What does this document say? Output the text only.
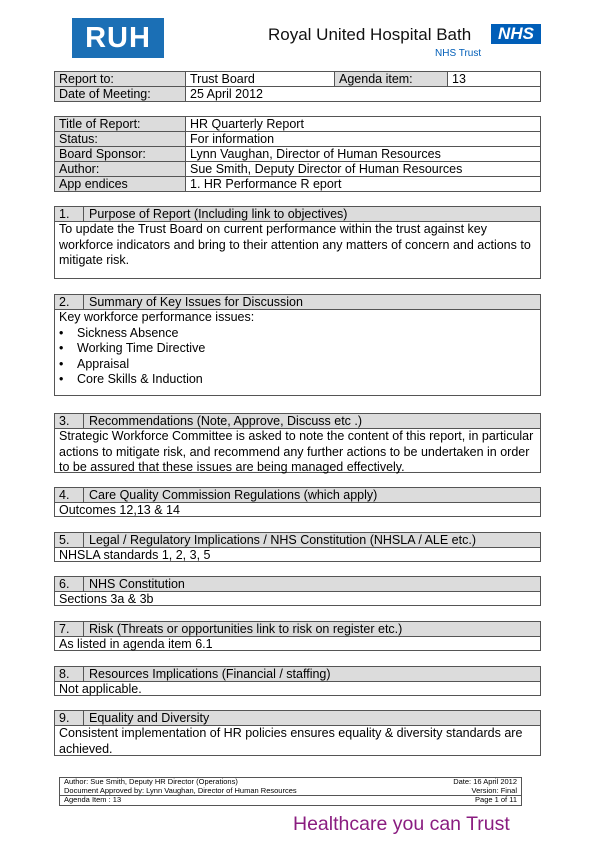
RUH	Royal United Hospital Bath	NHS
NHS Trust
Report to:	Trust Board	Agenda item:	13
Date of Meeting:	25 April 2012		
Title of Report:	HR Quarterly Report
Status:	For information
Board Sponsor:	Lynn Vaughan, Director of Human Resources
Author:	Sue Smith, Deputy Director of Human Resources
App endices	1. HR Performance R eport
1.	Purpose of Report (Including link to objectives)
To update the Trust Board on current performance within the trust against key workforce indicators and bring to their attention any matters of concern and actions to mitigate risk.
2.	Summary of Key Issues for Discussion
Key workforce performance issues:
• Sickness Absence
• Working Time Directive
• Appraisal
• Core Skills & Induction
3.	Recommendations (Note, Approve, Discuss etc .)
Strategic Workforce Committee is asked to note the content of this report, in particular actions to mitigate risk, and recommend any further actions to be undertaken in order to be assured that these issues are being managed effectively.
4.	Care Quality Commission Regulations (which apply)
Outcomes 12,13 & 14
5.	Legal / Regulatory Implications / NHS Constitution (NHSLA / ALE etc.)
NHSLA standards 1, 2, 3, 5
6.	NHS Constitution
Sections 3a & 3b
7.	Risk (Threats or opportunities link to risk on register etc.)
As listed in agenda item 6.1
8.	Resources Implications (Financial / staffing)
Not applicable.
9.	Equality and Diversity
Consistent implementation of HR policies ensures equality & diversity standards are achieved.
Author: Sue Smith, Deputy HR Director (Operations)	Date: 16 April 2012
Document Approved by: Lynn Vaughan, Director of Human Resources	Version: Final
Agenda Item : 13	Page 1 of 11
Healthcare you can Trust
